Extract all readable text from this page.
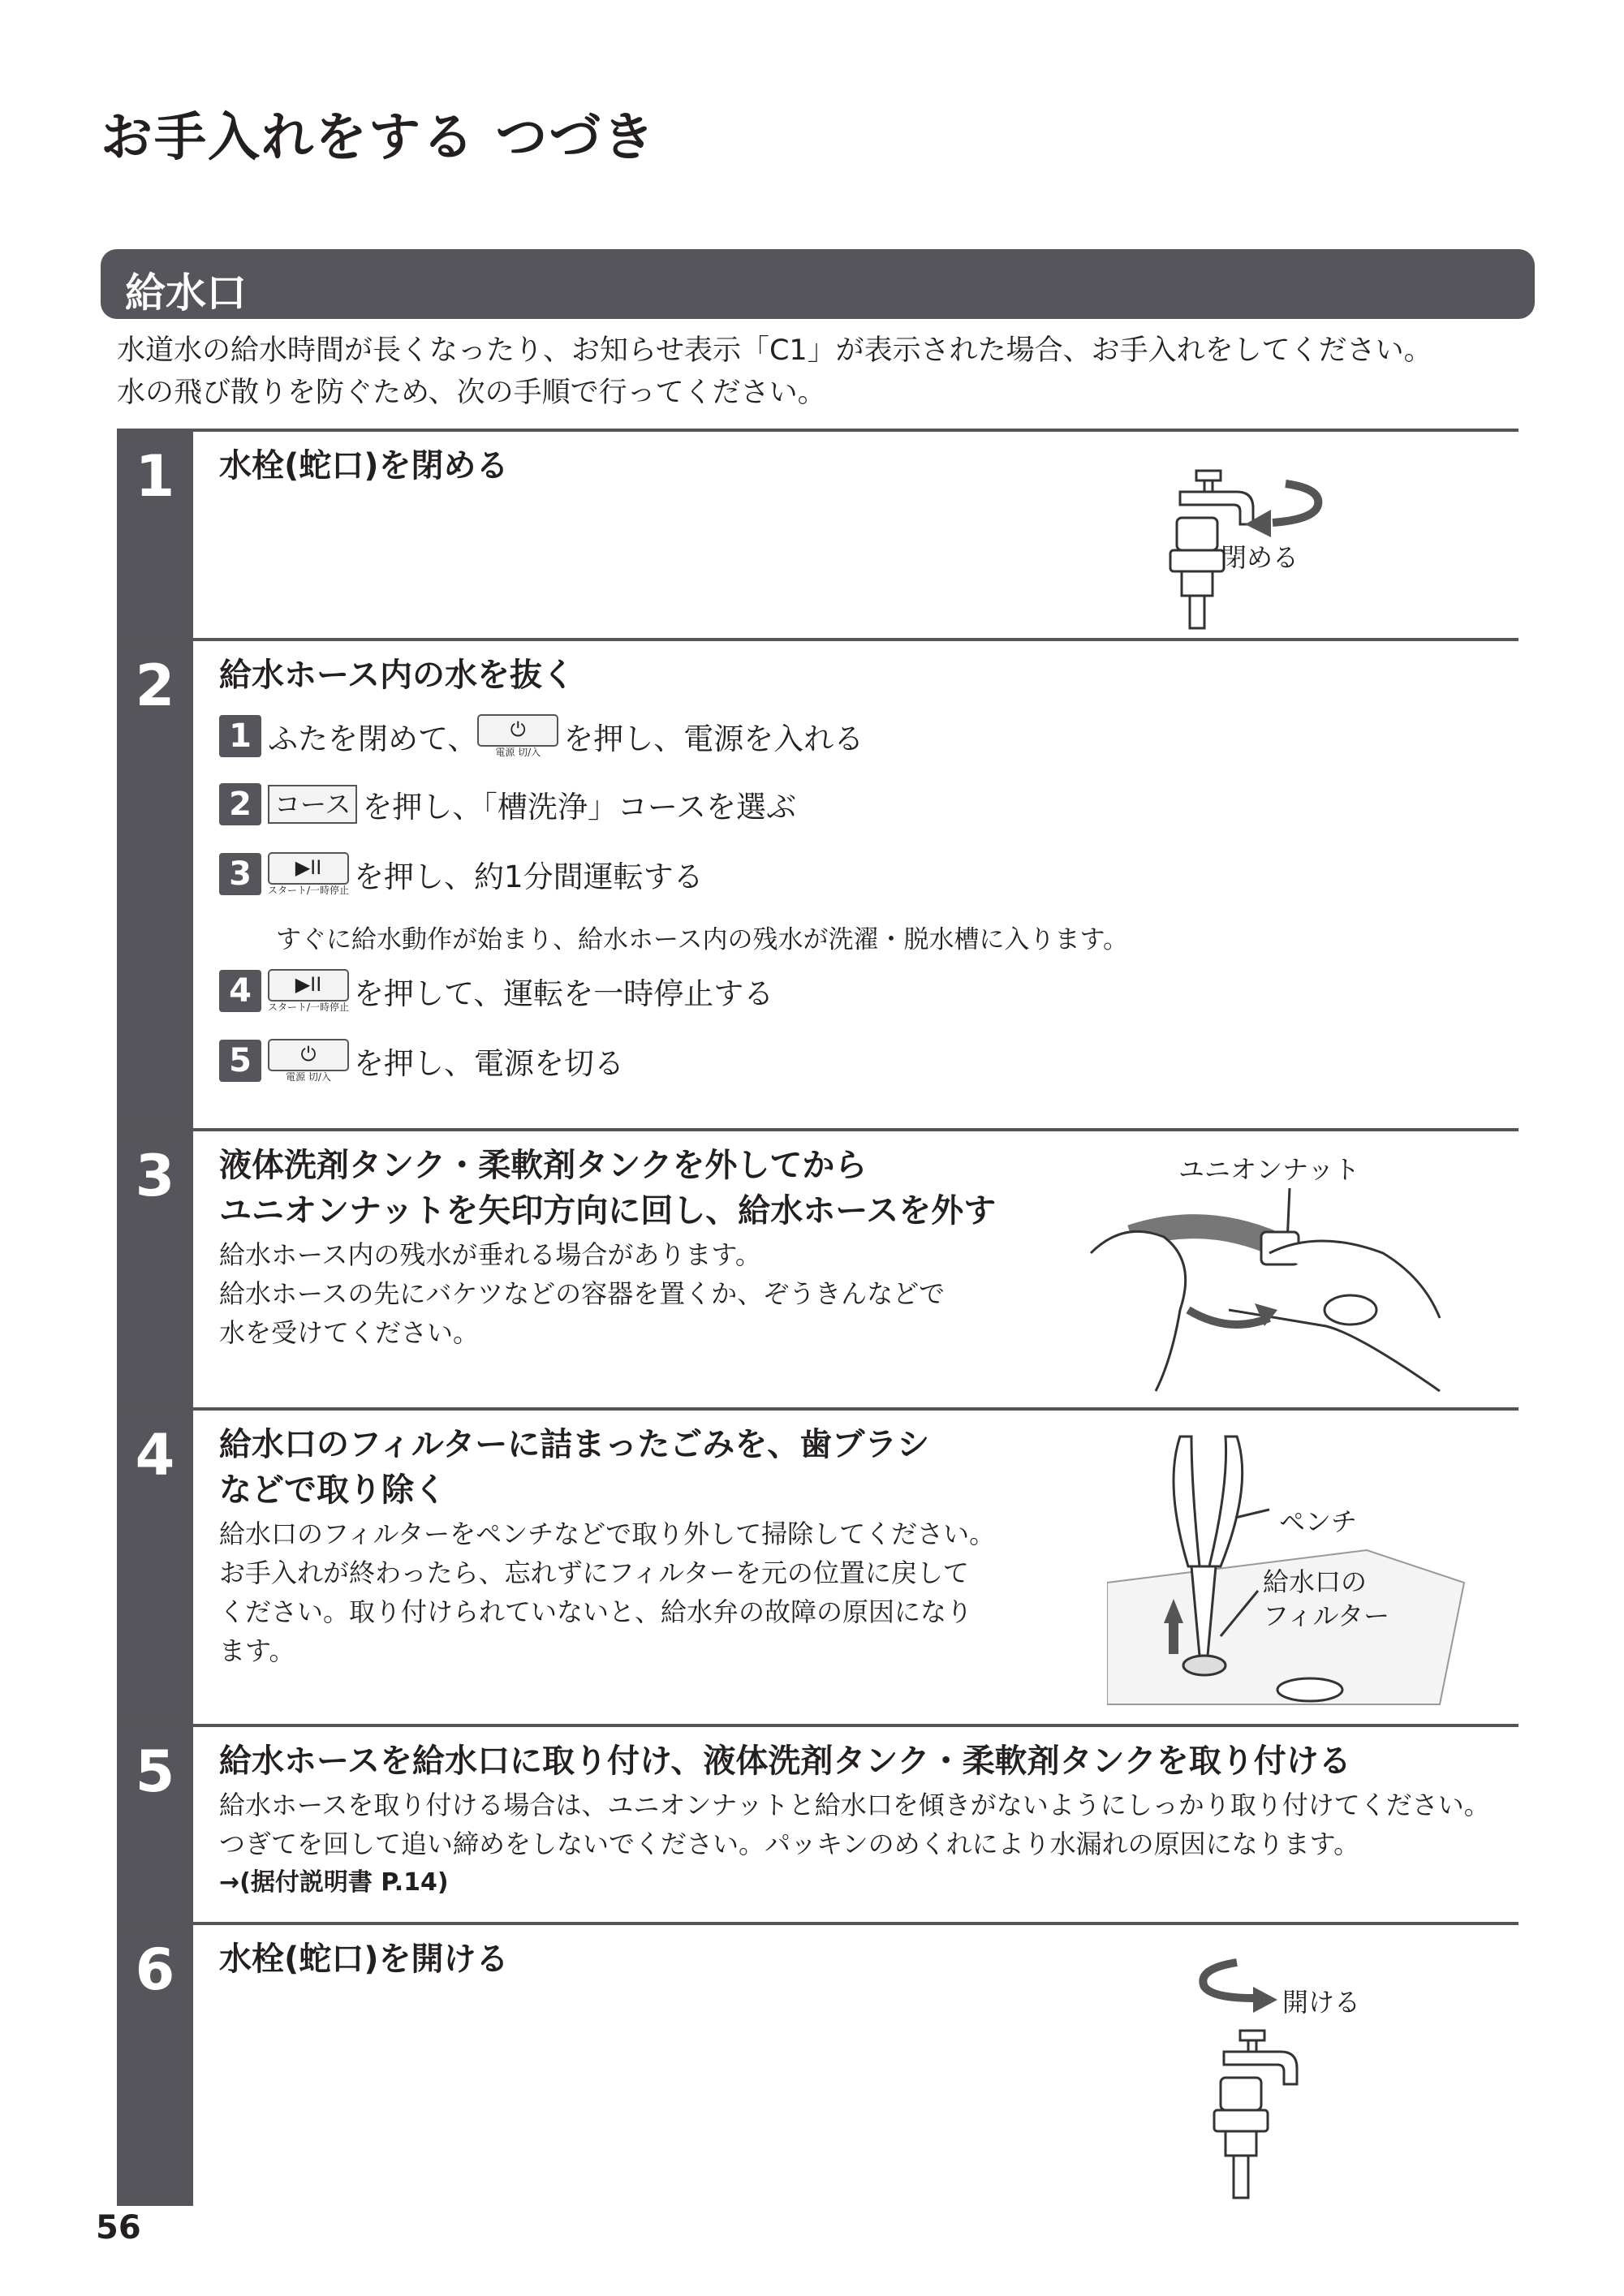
お手入れをする つづき
給水口
水道水の給水時間が長くなったり、お知らせ表示「C1」が表示された場合、お手入れをしてください。
水の飛び散りを防ぐため、次の手順で行ってください。
1	水栓(蛇口)を閉める
閉める
2	給水ホース内の水を抜く
1 ふたを閉めて、	⏻
電源 切/入 を押し、電源を入れる
2 コース を押し、「槽洗浄」コースを選ぶ
3	▶II
スタート/一時停止 を押し、約1分間運転する
すぐに給水動作が始まり、給水ホース内の残水が洗濯・脱水槽に入ります。
4	▶II
スタート/一時停止 を押して、運転を一時停止する
5	⏻
電源 切/入 を押し、電源を切る
3	液体洗剤タンク・柔軟剤タンクを外してから
ユニオンナットを矢印方向に回し、給水ホースを外す
給水ホース内の残水が垂れる場合があります。
給水ホースの先にバケツなどの容器を置くか、ぞうきんなどで
水を受けてください。
ユニオンナット
4	給水口のフィルターに詰まったごみを、歯ブラシ
などで取り除く
給水口のフィルターをペンチなどで取り外して掃除してください。
お手入れが終わったら、忘れずにフィルターを元の位置に戻して
ください。取り付けられていないと、給水弁の故障の原因になり
ます。
ペンチ
給水口の
フィルター
5	給水ホースを給水口に取り付け、液体洗剤タンク・柔軟剤タンクを取り付ける
給水ホースを取り付ける場合は、ユニオンナットと給水口を傾きがないようにしっかり取り付けてください。
つぎてを回して追い締めをしないでください。パッキンのめくれにより水漏れの原因になります。
→(据付説明書 P.14)
6	水栓(蛇口)を開ける
開ける
56
